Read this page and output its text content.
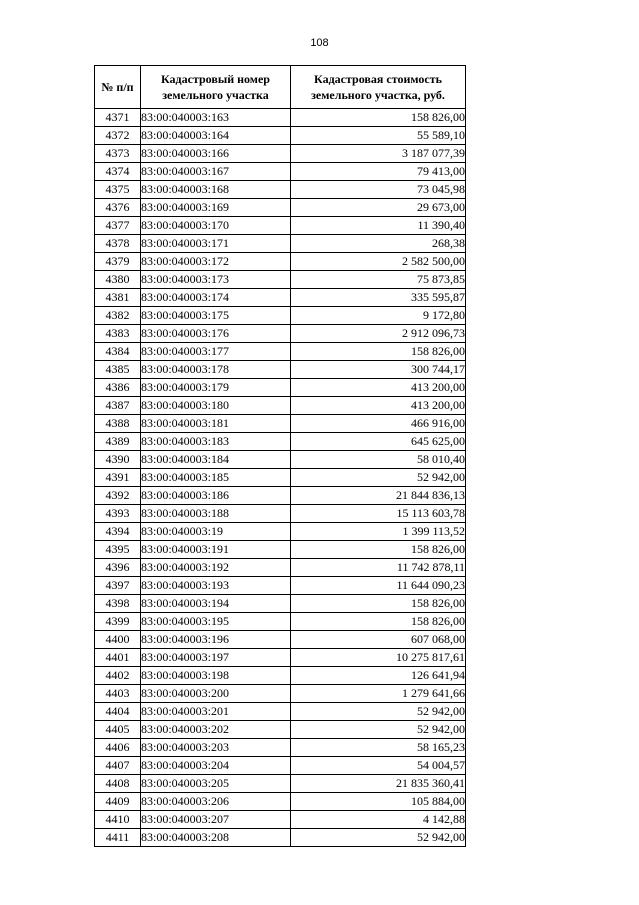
108
№ п/п	Кадастровый номер земельного участка	Кадастровая стоимость земельного участка, руб.
4371	83:00:040003:163	158 826,00
4372	83:00:040003:164	55 589,10
4373	83:00:040003:166	3 187 077,39
4374	83:00:040003:167	79 413,00
4375	83:00:040003:168	73 045,98
4376	83:00:040003:169	29 673,00
4377	83:00:040003:170	11 390,40
4378	83:00:040003:171	268,38
4379	83:00:040003:172	2 582 500,00
4380	83:00:040003:173	75 873,85
4381	83:00:040003:174	335 595,87
4382	83:00:040003:175	9 172,80
4383	83:00:040003:176	2 912 096,73
4384	83:00:040003:177	158 826,00
4385	83:00:040003:178	300 744,17
4386	83:00:040003:179	413 200,00
4387	83:00:040003:180	413 200,00
4388	83:00:040003:181	466 916,00
4389	83:00:040003:183	645 625,00
4390	83:00:040003:184	58 010,40
4391	83:00:040003:185	52 942,00
4392	83:00:040003:186	21 844 836,13
4393	83:00:040003:188	15 113 603,78
4394	83:00:040003:19	1 399 113,52
4395	83:00:040003:191	158 826,00
4396	83:00:040003:192	11 742 878,11
4397	83:00:040003:193	11 644 090,23
4398	83:00:040003:194	158 826,00
4399	83:00:040003:195	158 826,00
4400	83:00:040003:196	607 068,00
4401	83:00:040003:197	10 275 817,61
4402	83:00:040003:198	126 641,94
4403	83:00:040003:200	1 279 641,66
4404	83:00:040003:201	52 942,00
4405	83:00:040003:202	52 942,00
4406	83:00:040003:203	58 165,23
4407	83:00:040003:204	54 004,57
4408	83:00:040003:205	21 835 360,41
4409	83:00:040003:206	105 884,00
4410	83:00:040003:207	4 142,88
4411	83:00:040003:208	52 942,00
